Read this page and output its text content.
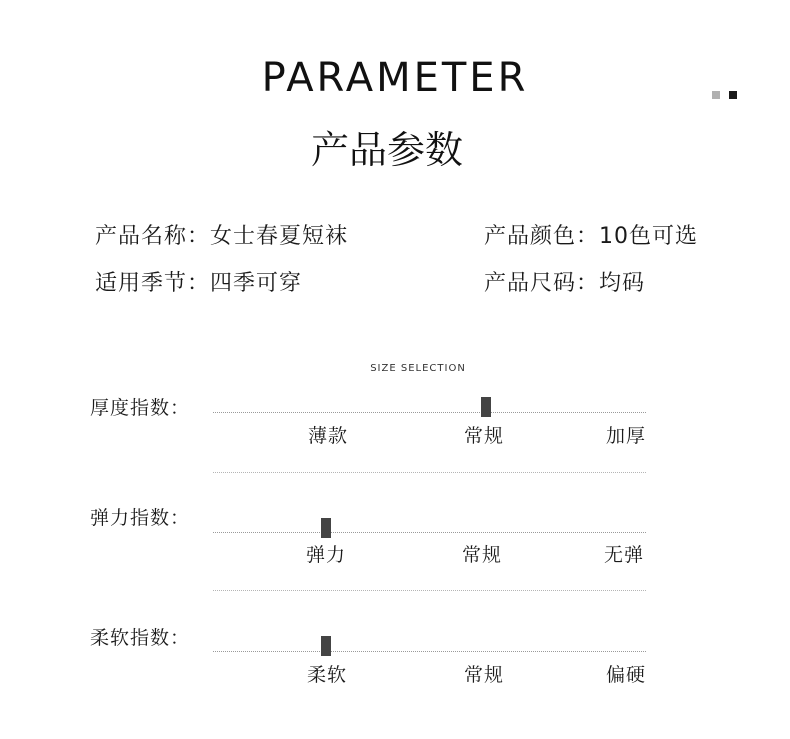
PARAMETER
产品参数
产品名称：女士春夏短袜	产品颜色：10色可选
适用季节：四季可穿	产品尺码：均码
SIZE SELECTION
厚度指数：
薄款	常规	加厚
弹力指数：
弹力	常规	无弹
柔软指数：
柔软	常规	偏硬
